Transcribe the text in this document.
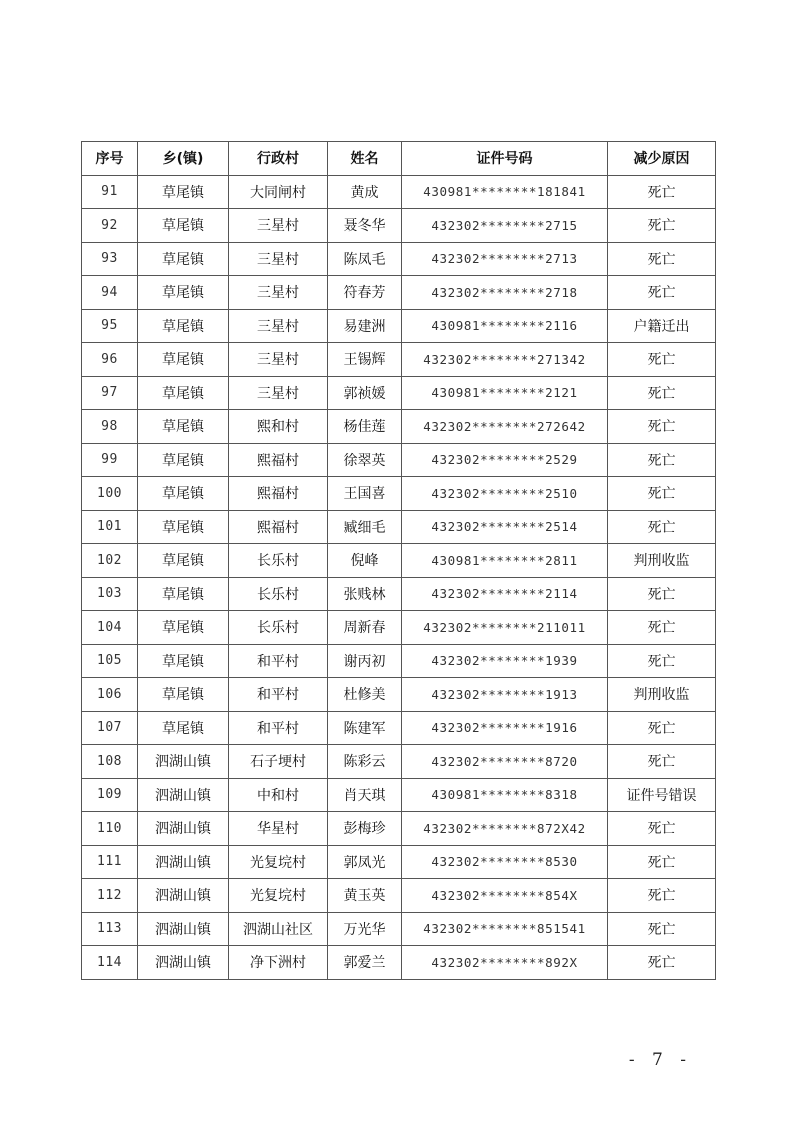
序号	乡(镇)	行政村	姓名	证件号码	减少原因
91	草尾镇	大同闸村	黄成	430981********181841	死亡
92	草尾镇	三星村	聂冬华	432302********2715	死亡
93	草尾镇	三星村	陈凤毛	432302********2713	死亡
94	草尾镇	三星村	符春芳	432302********2718	死亡
95	草尾镇	三星村	易建洲	430981********2116	户籍迁出
96	草尾镇	三星村	王锡辉	432302********271342	死亡
97	草尾镇	三星村	郭祯媛	430981********2121	死亡
98	草尾镇	熙和村	杨佳莲	432302********272642	死亡
99	草尾镇	熙福村	徐翠英	432302********2529	死亡
100	草尾镇	熙福村	王国喜	432302********2510	死亡
101	草尾镇	熙福村	臧细毛	432302********2514	死亡
102	草尾镇	长乐村	倪峰	430981********2811	判刑收监
103	草尾镇	长乐村	张贱林	432302********2114	死亡
104	草尾镇	长乐村	周新春	432302********211011	死亡
105	草尾镇	和平村	谢丙初	432302********1939	死亡
106	草尾镇	和平村	杜修美	432302********1913	判刑收监
107	草尾镇	和平村	陈建军	432302********1916	死亡
108	泗湖山镇	石子埂村	陈彩云	432302********8720	死亡
109	泗湖山镇	中和村	肖天琪	430981********8318	证件号错误
110	泗湖山镇	华星村	彭梅珍	432302********872X42	死亡
111	泗湖山镇	光复垸村	郭凤光	432302********8530	死亡
112	泗湖山镇	光复垸村	黄玉英	432302********854X	死亡
113	泗湖山镇	泗湖山社区	万光华	432302********851541	死亡
114	泗湖山镇	净下洲村	郭爱兰	432302********892X	死亡
- 7 -
